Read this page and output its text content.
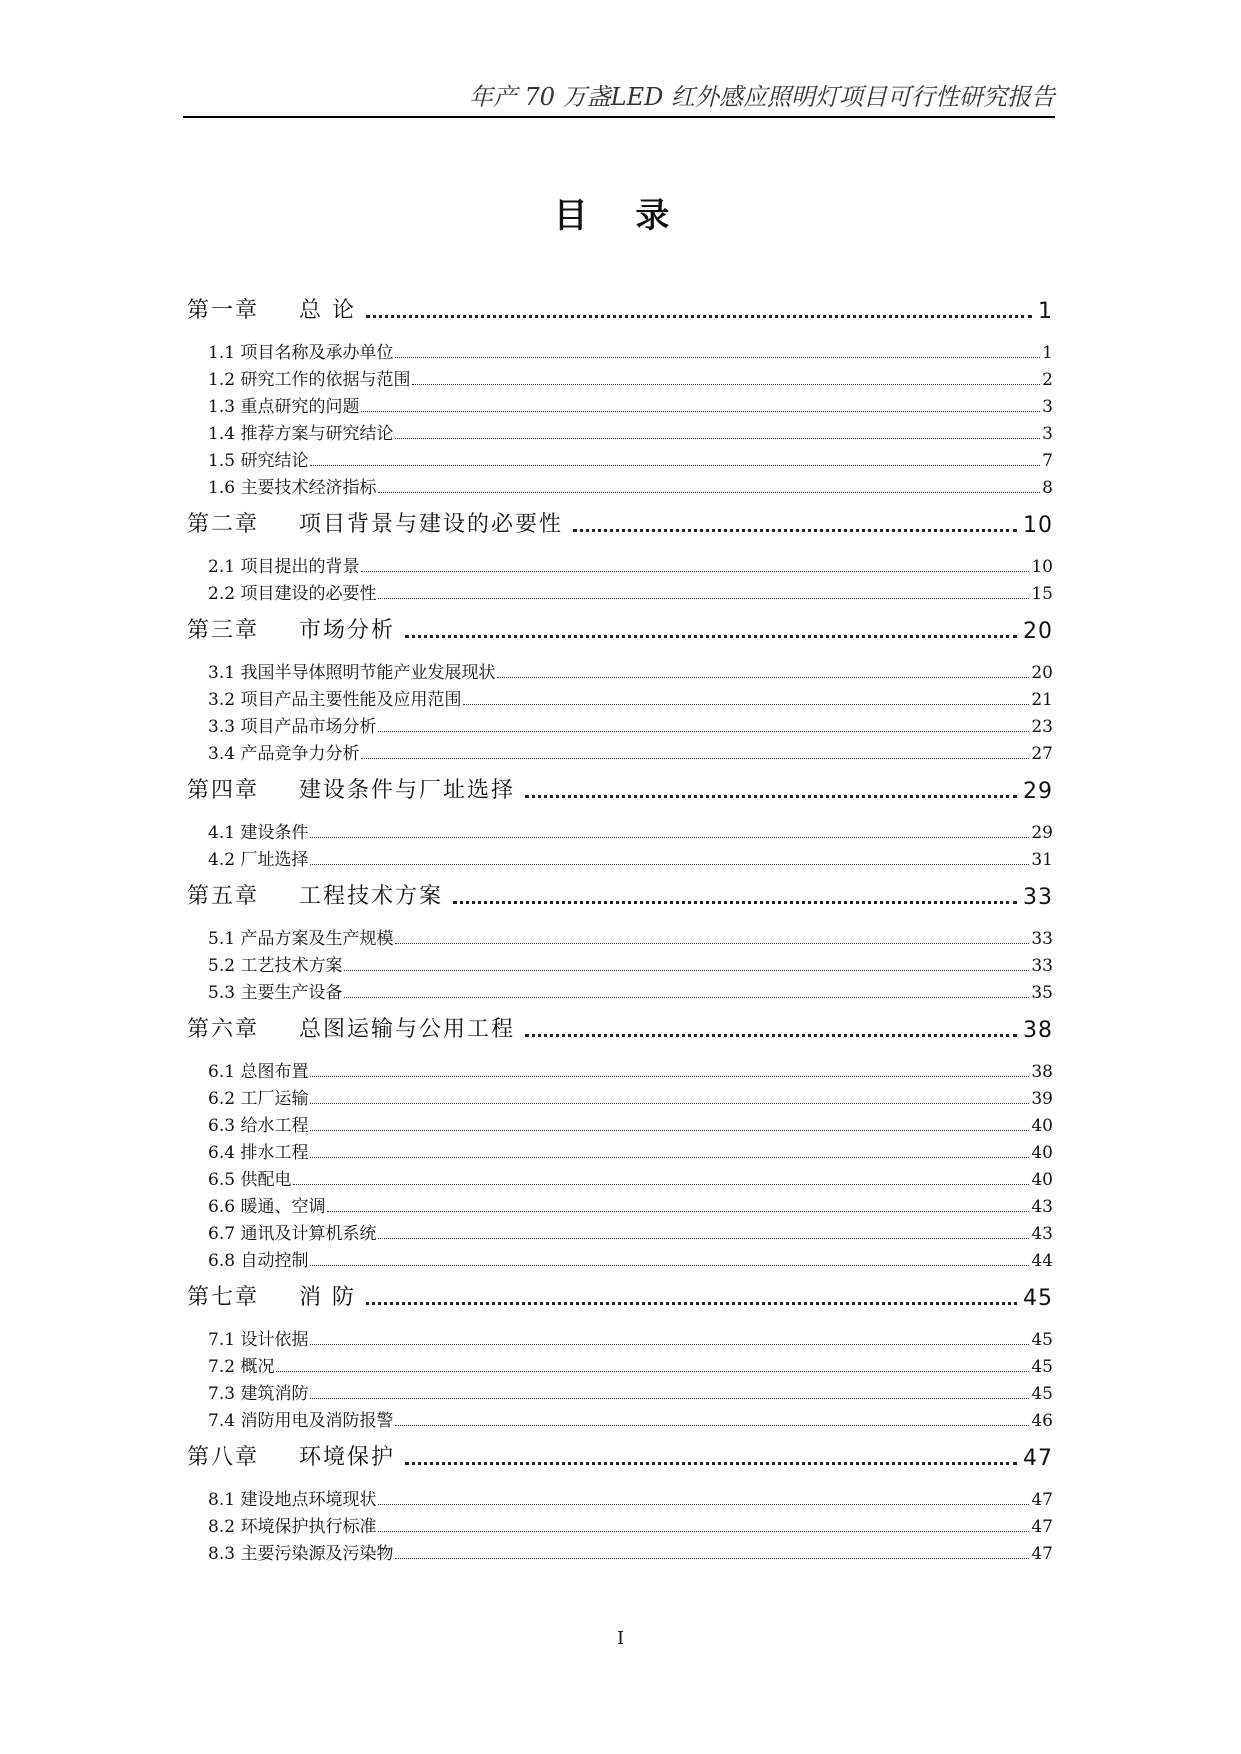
年产 70 万盏LED 红外感应照明灯项目可行性研究报告
目 录
第一章	总 论	1
1.1 项目名称及承办单位	1
1.2 研究工作的依据与范围	2
1.3 重点研究的问题	3
1.4 推荐方案与研究结论	3
1.5 研究结论	7
1.6 主要技术经济指标	8
第二章	项目背景与建设的必要性	10
2.1 项目提出的背景	10
2.2 项目建设的必要性	15
第三章	市场分析	20
3.1 我国半导体照明节能产业发展现状	20
3.2 项目产品主要性能及应用范围	21
3.3 项目产品市场分析	23
3.4 产品竞争力分析	27
第四章	建设条件与厂址选择	29
4.1 建设条件	29
4.2 厂址选择	31
第五章	工程技术方案	33
5.1 产品方案及生产规模	33
5.2 工艺技术方案	33
5.3 主要生产设备	35
第六章	总图运输与公用工程	38
6.1 总图布置	38
6.2 工厂运输	39
6.3 给水工程	40
6.4 排水工程	40
6.5 供配电	40
6.6 暖通、空调	43
6.7 通讯及计算机系统	43
6.8 自动控制	44
第七章	消 防	45
7.1 设计依据	45
7.2 概况	45
7.3 建筑消防	45
7.4 消防用电及消防报警	46
第八章	环境保护	47
8.1 建设地点环境现状	47
8.2 环境保护执行标准	47
8.3 主要污染源及污染物	47
I
